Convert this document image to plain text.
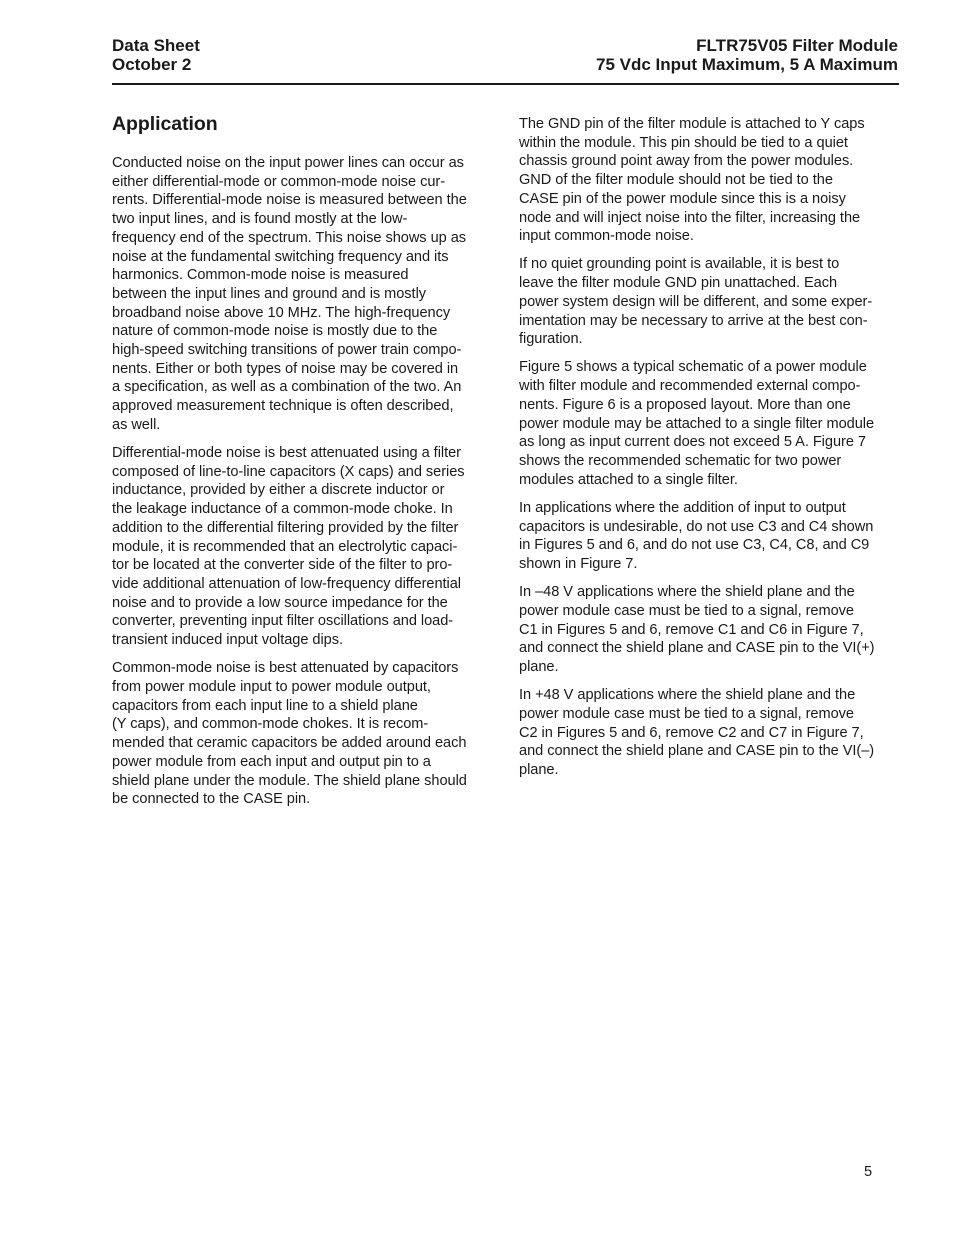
Data Sheet
October 2
FLTR75V05 Filter Module
75 Vdc Input Maximum, 5 A Maximum
Application

Conducted noise on the input power lines can occur as
either differential-mode or common-mode noise cur-
rents. Differential-mode noise is measured between the
two input lines, and is found mostly at the low-
frequency end of the spectrum. This noise shows up as
noise at the fundamental switching frequency and its
harmonics. Common-mode noise is measured
between the input lines and ground and is mostly
broadband noise above 10 MHz. The high-frequency
nature of common-mode noise is mostly due to the
high-speed switching transitions of power train compo-
nents. Either or both types of noise may be covered in
a specification, as well as a combination of the two. An
approved measurement technique is often described,
as well.

Differential-mode noise is best attenuated using a filter
composed of line-to-line capacitors (X caps) and series
inductance, provided by either a discrete inductor or
the leakage inductance of a common-mode choke. In
addition to the differential filtering provided by the filter
module, it is recommended that an electrolytic capaci-
tor be located at the converter side of the filter to pro-
vide additional attenuation of low-frequency differential
noise and to provide a low source impedance for the
converter, preventing input filter oscillations and load-
transient induced input voltage dips.

Common-mode noise is best attenuated by capacitors
from power module input to power module output,
capacitors from each input line to a shield plane
(Y caps), and common-mode chokes. It is recom-
mended that ceramic capacitors be added around each
power module from each input and output pin to a
shield plane under the module. The shield plane should
be connected to the CASE pin.

The GND pin of the filter module is attached to Y caps
within the module. This pin should be tied to a quiet
chassis ground point away from the power modules.
GND of the filter module should not be tied to the
CASE pin of the power module since this is a noisy
node and will inject noise into the filter, increasing the
input common-mode noise.

If no quiet grounding point is available, it is best to
leave the filter module GND pin unattached. Each
power system design will be different, and some exper-
imentation may be necessary to arrive at the best con-
figuration.

Figure 5 shows a typical schematic of a power module
with filter module and recommended external compo-
nents. Figure 6 is a proposed layout. More than one
power module may be attached to a single filter module
as long as input current does not exceed 5 A. Figure 7
shows the recommended schematic for two power
modules attached to a single filter.

In applications where the addition of input to output
capacitors is undesirable, do not use C3 and C4 shown
in Figures 5 and 6, and do not use C3, C4, C8, and C9
shown in Figure 7.

In –48 V applications where the shield plane and the
power module case must be tied to a signal, remove
C1 in Figures 5 and 6, remove C1 and C6 in Figure 7,
and connect the shield plane and CASE pin to the VI(+)
plane.

In +48 V applications where the shield plane and the
power module case must be tied to a signal, remove
C2 in Figures 5 and 6, remove C2 and C7 in Figure 7,
and connect the shield plane and CASE pin to the VI(–)
plane.

5
